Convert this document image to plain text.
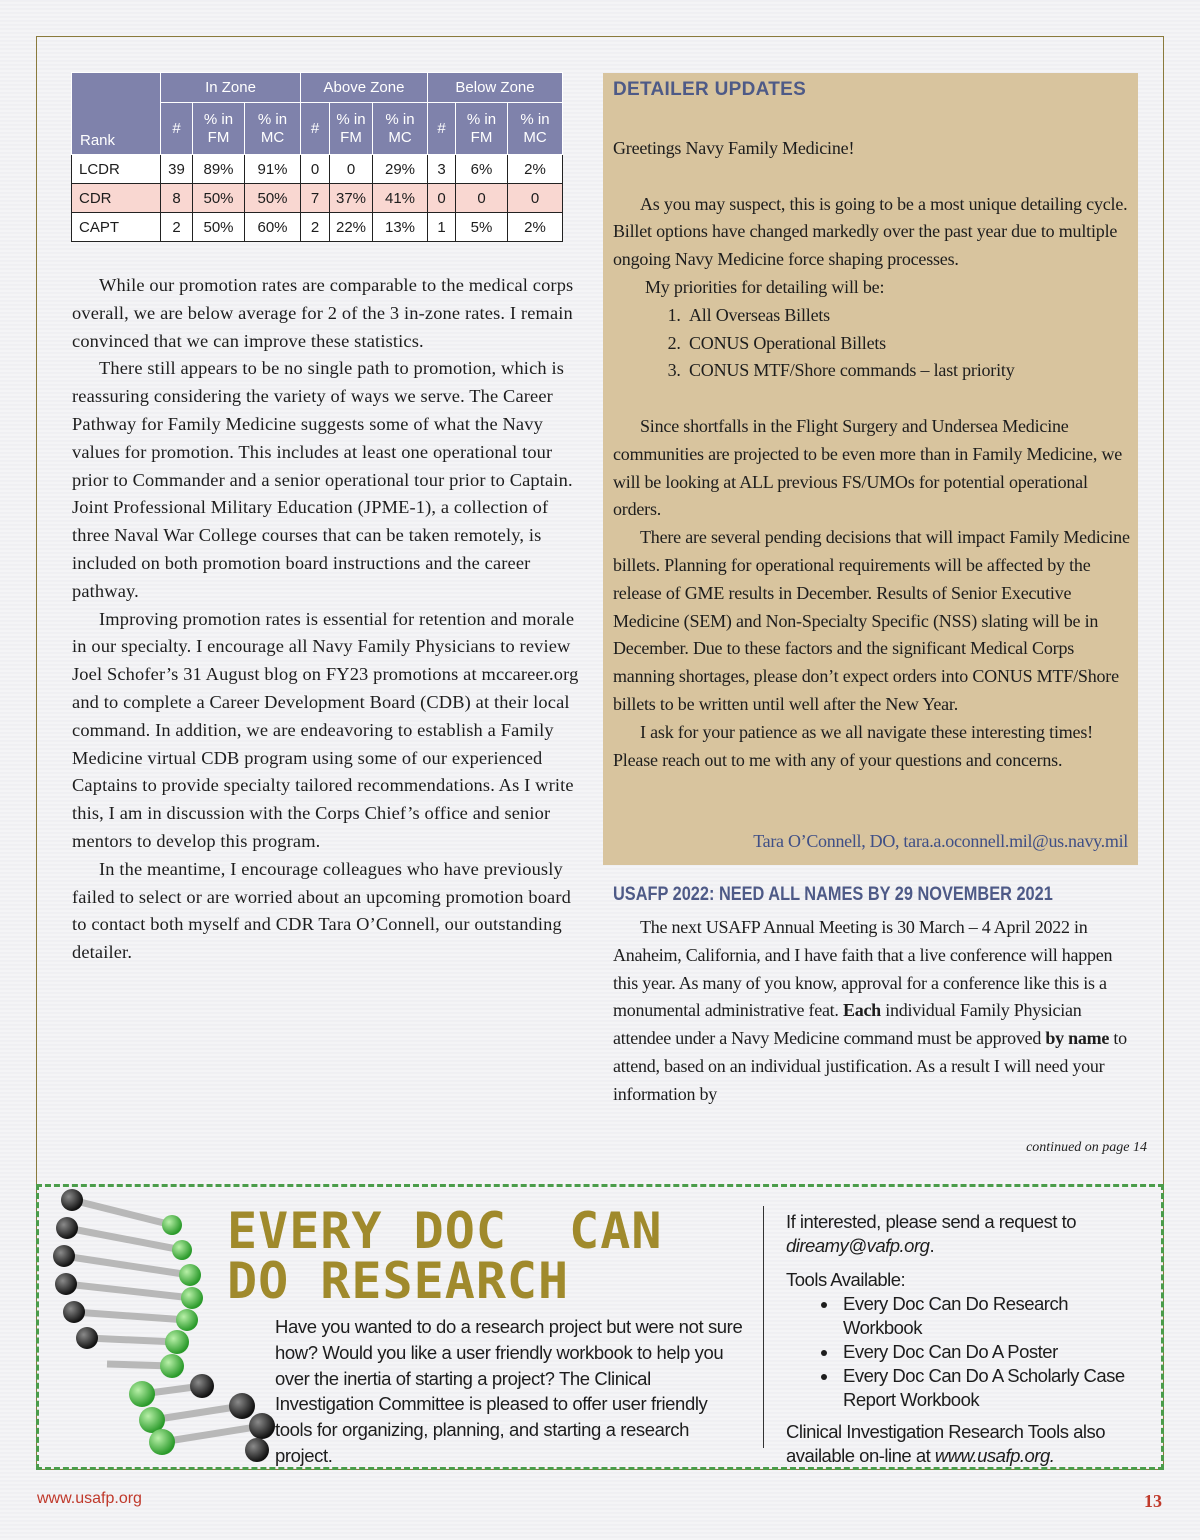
Rank	In Zone			Above Zone			Below Zone		
	#	% in FM	% in MC	#	% in FM	% in MC	#	% in FM	% in MC
LCDR	39	89%	91%	0	0	29%	3	6%	2%
CDR	8	50%	50%	7	37%	41%	0	0	0
CAPT	2	50%	60%	2	22%	13%	1	5%	2%

While our promotion rates are comparable to the medical corps overall, we are below average for 2 of the 3 in-zone rates. I remain convinced that we can improve these statistics.

There still appears to be no single path to promotion, which is reassuring considering the variety of ways we serve. The Career Pathway for Family Medicine suggests some of what the Navy values for promotion. This includes at least one operational tour prior to Commander and a senior operational tour prior to Captain. Joint Professional Military Education (JPME-1), a collection of three Naval War College courses that can be taken remotely, is included on both promotion board instructions and the career pathway.

Improving promotion rates is essential for retention and morale in our specialty. I encourage all Navy Family Physicians to review Joel Schofer’s 31 August blog on FY23 promotions at mccareer.org and to complete a Career Development Board (CDB) at their local command. In addition, we are endeavoring to establish a Family Medicine virtual CDB program using some of our experienced Captains to provide specialty tailored recommendations. As I write this, I am in discussion with the Corps Chief’s office and senior mentors to develop this program.

In the meantime, I encourage colleagues who have previously failed to select or are worried about an upcoming promotion board to contact both myself and CDR Tara O’Connell, our outstanding detailer.

DETAILER UPDATES

Greetings Navy Family Medicine!

As you may suspect, this is going to be a most unique detailing cycle. Billet options have changed markedly over the past year due to multiple ongoing Navy Medicine force shaping processes.

My priorities for detailing will be:

1. All Overseas Billets
2. CONUS Operational Billets
3. CONUS MTF/Shore commands – last priority

Since shortfalls in the Flight Surgery and Undersea Medicine communities are projected to be even more than in Family Medicine, we will be looking at ALL previous FS/UMOs for potential operational orders.

There are several pending decisions that will impact Family Medicine billets. Planning for operational requirements will be affected by the release of GME results in December. Results of Senior Executive Medicine (SEM) and Non-Specialty Specific (NSS) slating will be in December. Due to these factors and the significant Medical Corps manning shortages, please don’t expect orders into CONUS MTF/Shore billets to be written until well after the New Year.

I ask for your patience as we all navigate these interesting times! Please reach out to me with any of your questions and concerns.

Tara O’Connell, DO, tara.a.oconnell.mil@us.navy.mil
USAFP 2022: NEED ALL NAMES BY 29 NOVEMBER 2021

The next USAFP Annual Meeting is 30 March – 4 April 2022 in Anaheim, California, and I have faith that a live conference will happen this year. As many of you know, approval for a conference like this is a monumental administrative feat. Each individual Family Physician attendee under a Navy Medicine command must be approved by name to attend, based on an individual justification. As a result I will need your information by

continued on page 14
EVERY DOC  CAN
DO RESEARCH
Have you wanted to do a research project but were not sure how? Would you like a user friendly workbook to help you over the inertia of starting a project? The Clinical Investigation Committee is pleased to offer user friendly tools for organizing, planning, and starting a research project.

If interested, please send a request to

direamy@vafp.org.

Tools Available:

• Every Doc Can Do Research Workbook
• Every Doc Can Do A Poster
• Every Doc Can Do A Scholarly Case Report Workbook

Clinical Investigation Research Tools also available on-line at www.usafp.org.

www.usafp.org	13
